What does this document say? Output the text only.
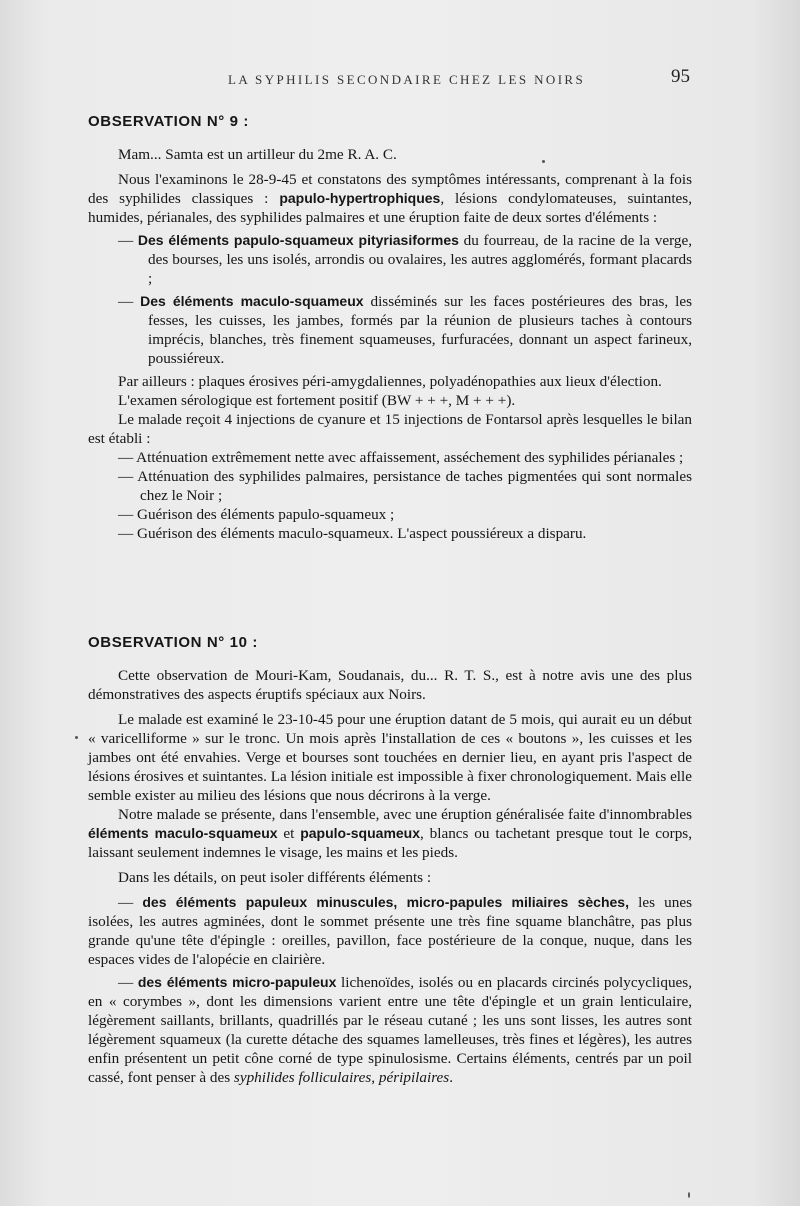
LA SYPHILIS SECONDAIRE CHEZ LES NOIRS	95

OBSERVATION N° 9 :

Mam... Samta est un artilleur du 2me R. A. C.

Nous l'examinons le 28-9-45 et constatons des symptômes intéressants, comprenant à la fois des syphilides classiques : papulo-hypertrophiques, lésions condylomateuses, suintantes, humides, périanales, des syphilides palmaires et une éruption faite de deux sortes d'éléments :

— Des éléments papulo-squameux pityriasiformes du fourreau, de la racine de la verge, des bourses, les uns isolés, arrondis ou ovalaires, les autres agglomérés, formant placards ;

— Des éléments maculo-squameux disséminés sur les faces postérieures des bras, les fesses, les cuisses, les jambes, formés par la réunion de plusieurs taches à contours imprécis, blanches, très finement squameuses, furfuracées, donnant un aspect farineux, poussiéreux.

Par ailleurs : plaques érosives péri-amygdaliennes, polyadénopathies aux lieux d'élection.

L'examen sérologique est fortement positif (BW + + +, M + + +).

Le malade reçoit 4 injections de cyanure et 15 injections de Fontarsol après lesquelles le bilan est établi :

— Atténuation extrêmement nette avec affaissement, asséchement des syphilides périanales ;

— Atténuation des syphilides palmaires, persistance de taches pigmentées qui sont normales chez le Noir ;

— Guérison des éléments papulo-squameux ;

— Guérison des éléments maculo-squameux. L'aspect poussiéreux a disparu.

OBSERVATION N° 10 :

Cette observation de Mouri-Kam, Soudanais, du... R. T. S., est à notre avis une des plus démonstratives des aspects éruptifs spéciaux aux Noirs.

Le malade est examiné le 23-10-45 pour une éruption datant de 5 mois, qui aurait eu un début « varicelliforme » sur le tronc. Un mois après l'installation de ces « boutons », les cuisses et les jambes ont été envahies. Verge et bourses sont touchées en dernier lieu, en ayant pris l'aspect de lésions érosives et suintantes. La lésion initiale est impossible à fixer chronologiquement. Mais elle semble exister au milieu des lésions que nous décrirons à la verge.

Notre malade se présente, dans l'ensemble, avec une éruption généralisée faite d'innombrables éléments maculo-squameux et papulo-squameux, blancs ou tachetant presque tout le corps, laissant seulement indemnes le visage, les mains et les pieds.

Dans les détails, on peut isoler différents éléments :

— des éléments papuleux minuscules, micro-papules miliaires sèches, les unes isolées, les autres agminées, dont le sommet présente une très fine squame blanchâtre, pas plus grande qu'une tête d'épingle : oreilles, pavillon, face postérieure de la conque, nuque, dans les espaces vides de l'alopécie en clairière.

— des éléments micro-papuleux lichenoïdes, isolés ou en placards circinés polycycliques, en « corymbes », dont les dimensions varient entre une tête d'épingle et un grain lenticulaire, légèrement saillants, brillants, quadrillés par le réseau cutané ; les uns sont lisses, les autres sont légèrement squameux (la curette détache des squames lamelleuses, très fines et légères), les autres enfin présentent un petit cône corné de type spinulosisme. Certains éléments, centrés par un poil cassé, font penser à des syphilides folliculaires, péripilaires.
